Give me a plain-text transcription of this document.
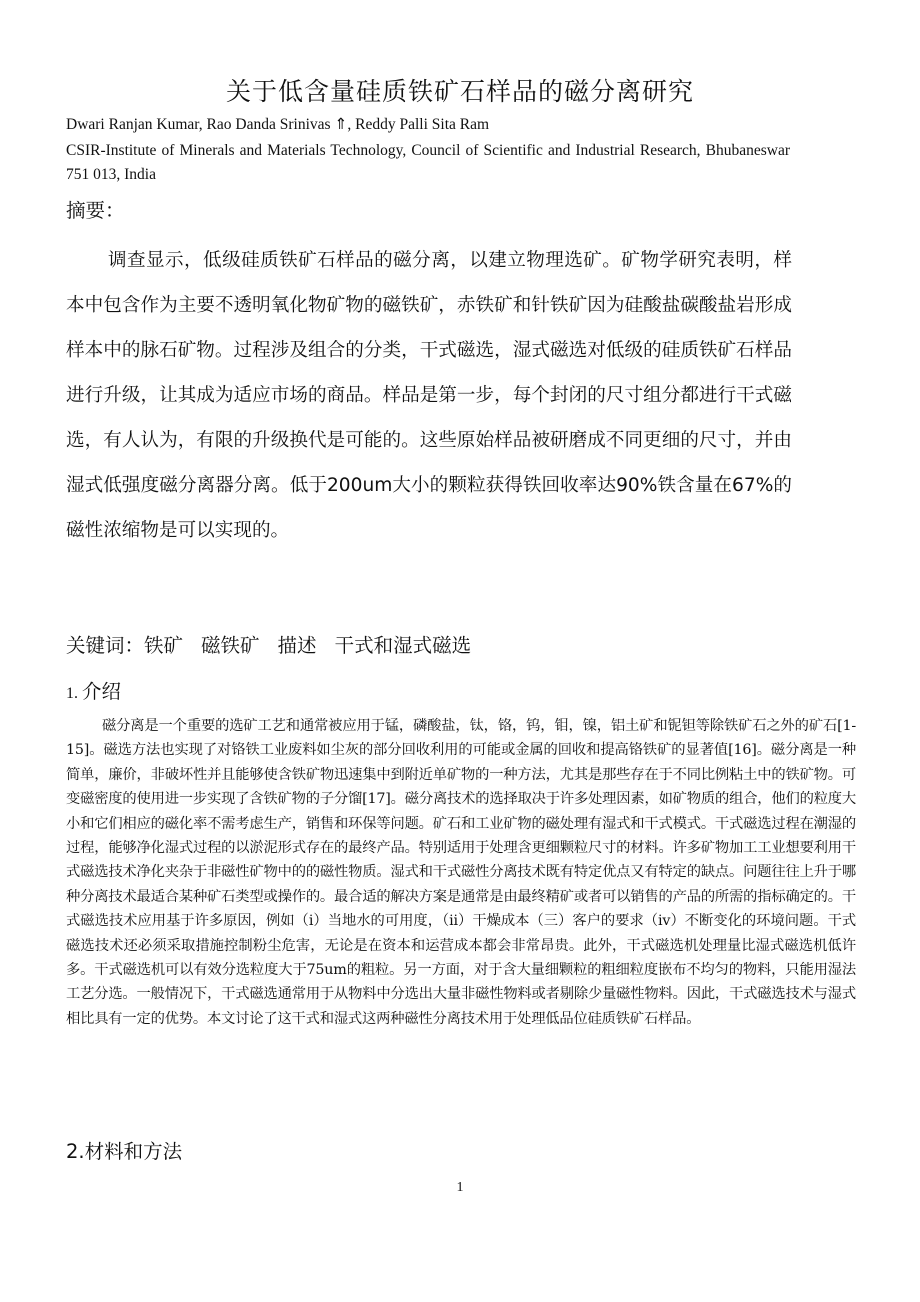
关于低含量硅质铁矿石样品的磁分离研究
Dwari Ranjan Kumar, Rao Danda Srinivas ⇑, Reddy Palli Sita Ram
CSIR-Institute of Minerals and Materials Technology, Council of Scientific and Industrial Research, Bhubaneswar 751 013, India
摘要：

调查显示，低级硅质铁矿石样品的磁分离，以建立物理选矿。矿物学研究表明，样本中包含作为主要不透明氧化物矿物的磁铁矿，赤铁矿和针铁矿因为硅酸盐碳酸盐岩形成样本中的脉石矿物。过程涉及组合的分类，干式磁选，湿式磁选对低级的硅质铁矿石样品进行升级，让其成为适应市场的商品。样品是第一步，每个封闭的尺寸组分都进行干式磁选，有人认为，有限的升级换代是可能的。这些原始样品被研磨成不同更细的尺寸，并由湿式低强度磁分离器分离。低于200um大小的颗粒获得铁回收率达90%铁含量在67%的磁性浓缩物是可以实现的。

关键词：铁矿 磁铁矿 描述 干式和湿式磁选
1. 介绍

磁分离是一个重要的选矿工艺和通常被应用于锰，磷酸盐，钛，铬，钨，钼，镍，铝土矿和铌钽等除铁矿石之外的矿石[1-15]。磁选方法也实现了对铬铁工业废料如尘灰的部分回收利用的可能或金属的回收和提高铬铁矿的显著值[16]。磁分离是一种简单，廉价，非破坏性并且能够使含铁矿物迅速集中到附近单矿物的一种方法，尤其是那些存在于不同比例粘土中的铁矿物。可变磁密度的使用进一步实现了含铁矿物的子分馏[17]。磁分离技术的选择取决于许多处理因素，如矿物质的组合，他们的粒度大小和它们相应的磁化率不需考虑生产，销售和环保等问题。矿石和工业矿物的磁处理有湿式和干式模式。干式磁选过程在潮湿的过程，能够净化湿式过程的以淤泥形式存在的最终产品。特别适用于处理含更细颗粒尺寸的材料。许多矿物加工工业想要利用干式磁选技术净化夹杂于非磁性矿物中的的磁性物质。湿式和干式磁性分离技术既有特定优点又有特定的缺点。问题往往上升于哪种分离技术最适合某种矿石类型或操作的。最合适的解决方案是通常是由最终精矿或者可以销售的产品的所需的指标确定的。干式磁选技术应用基于许多原因，例如（i）当地水的可用度，（ii）干燥成本（三）客户的要求（iv）不断变化的环境问题。干式磁选技术还必须采取措施控制粉尘危害，无论是在资本和运营成本都会非常昂贵。此外，干式磁选机处理量比湿式磁选机低许多。干式磁选机可以有效分选粒度大于75um的粗粒。另一方面，对于含大量细颗粒的粗细粒度嵌布不均匀的物料，只能用湿法工艺分选。一般情况下，干式磁选通常用于从物料中分选出大量非磁性物料或者剔除少量磁性物料。因此，干式磁选技术与湿式相比具有一定的优势。本文讨论了这干式和湿式这两种磁性分离技术用于处理低品位硅质铁矿石样品。

2.材料和方法
1
